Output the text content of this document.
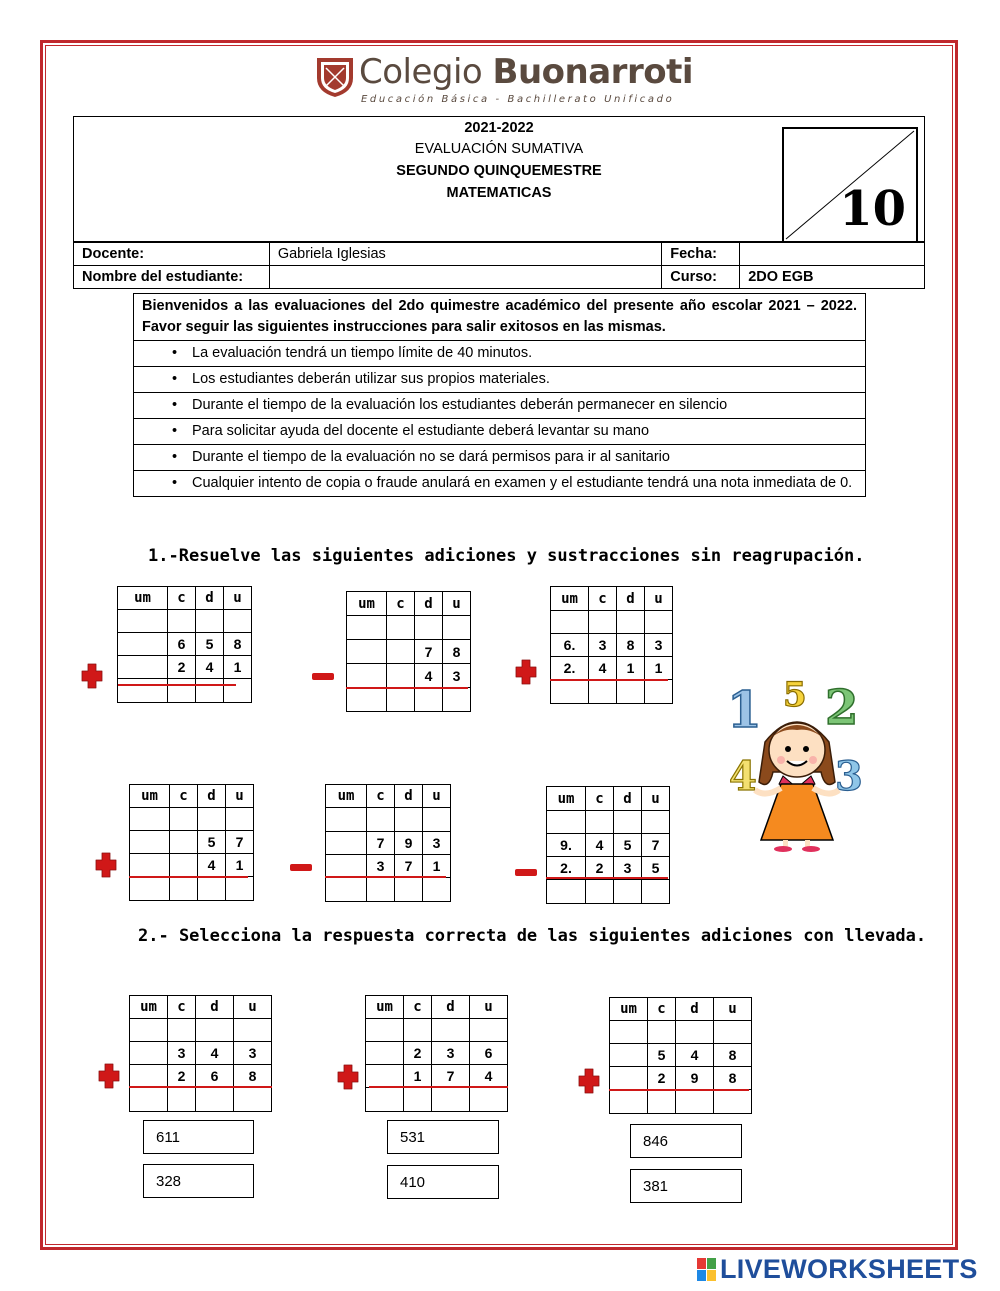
Colegio Buonarroti
Educación Básica - Bachillerato Unificado
2021-2022
EVALUACIÓN SUMATIVA
SEGUNDO QUINQUEMESTRE
MATEMATICAS	10
Docente:	Gabriela Iglesias	Fecha:	
Nombre del estudiante:		Curso:	2DO EGB
Bienvenidos a las evaluaciones del 2do quimestre académico del presente año escolar 2021 – 2022. Favor seguir las siguientes instrucciones para salir exitosos en las mismas.
• La evaluación tendrá un tiempo límite de 40 minutos.
• Los estudiantes deberán utilizar sus propios materiales.
• Durante el tiempo de la evaluación los estudiantes deberán permanecer en silencio
• Para solicitar ayuda del docente el estudiante deberá levantar su mano
• Durante el tiempo de la evaluación no se dará permisos para ir al sanitario
• Cualquier intento de copia o fraude anulará en examen y el estudiante tendrá una nota inmediata de 0.
1.-Resuelve las siguientes adiciones y sustracciones sin reagrupación.
2.- Selecciona la respuesta correcta de las siguientes adiciones con llevada.
um	c	d	u

	6	5	8
	2	4	1

um	c	d	u

		7	8
		4	3

um	c	d	u

6.	3	8	3
2.	4	1	1

um	c	d	u

		5	7
		4	1

um	c	d	u

	7	9	3
	3	7	1

um	c	d	u

9.	4	5	7
2.	2	3	5

um	c	d	u

	3	4	3
	2	6	8

um	c	d	u

	2	3	6
	1	7	4

um	c	d	u

	5	4	8
	2	9	8

611
328
531
410
846
381
1 5 2
4 3
LIVEWORKSHEETS
